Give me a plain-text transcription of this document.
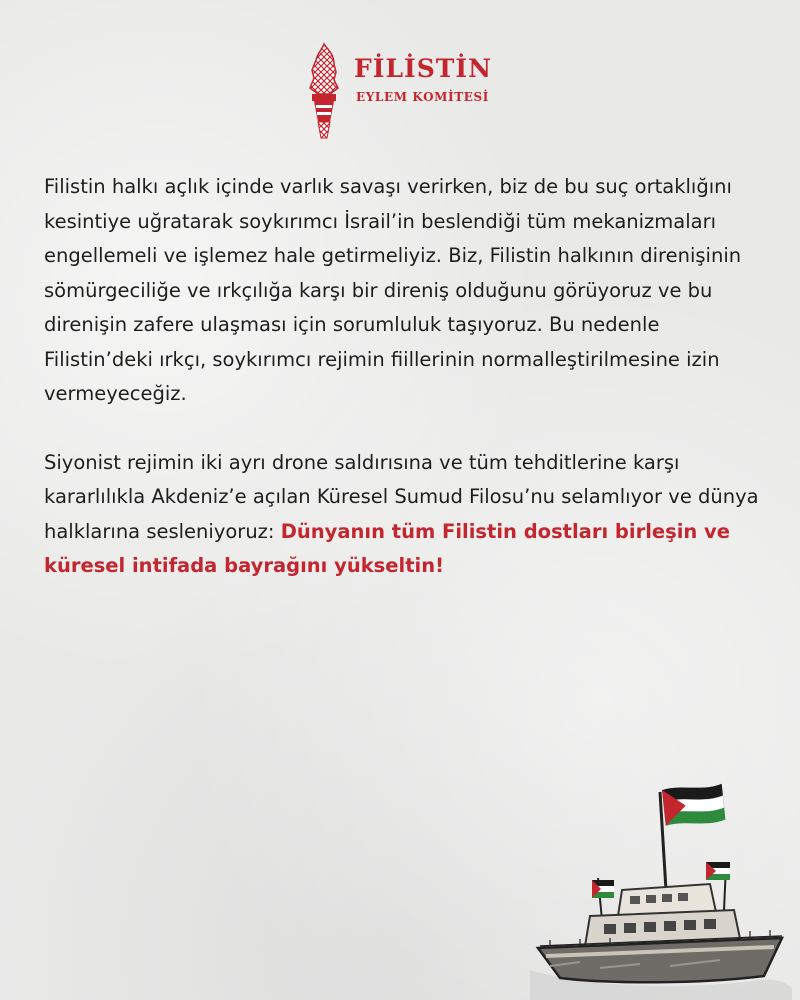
FİLİSTİN

EYLEM KOMİTESİ

Filistin halkı açlık içinde varlık savaşı verirken, biz de bu suç ortaklığını kesintiye uğratarak soykırımcı İsrail’in beslendiği tüm mekanizmaları engellemeli ve işlemez hale getirmeliyiz. Biz, Filistin halkının direnişinin sömürgeciliğe ve ırkçılığa karşı bir direniş olduğunu görüyoruz ve bu direnişin zafere ulaşması için sorumluluk taşıyoruz. Bu nedenle Filistin’deki ırkçı, soykırımcı rejimin fiillerinin normalleştirilmesine izin vermeyeceğiz.

Siyonist rejimin iki ayrı drone saldırısına ve tüm tehditlerine karşı kararlılıkla Akdeniz’e açılan Küresel Sumud Filosu’nu selamlıyor ve dünya halklarına sesleniyoruz: Dünyanın tüm Filistin dostları birleşin ve küresel intifada bayrağını yükseltin!
